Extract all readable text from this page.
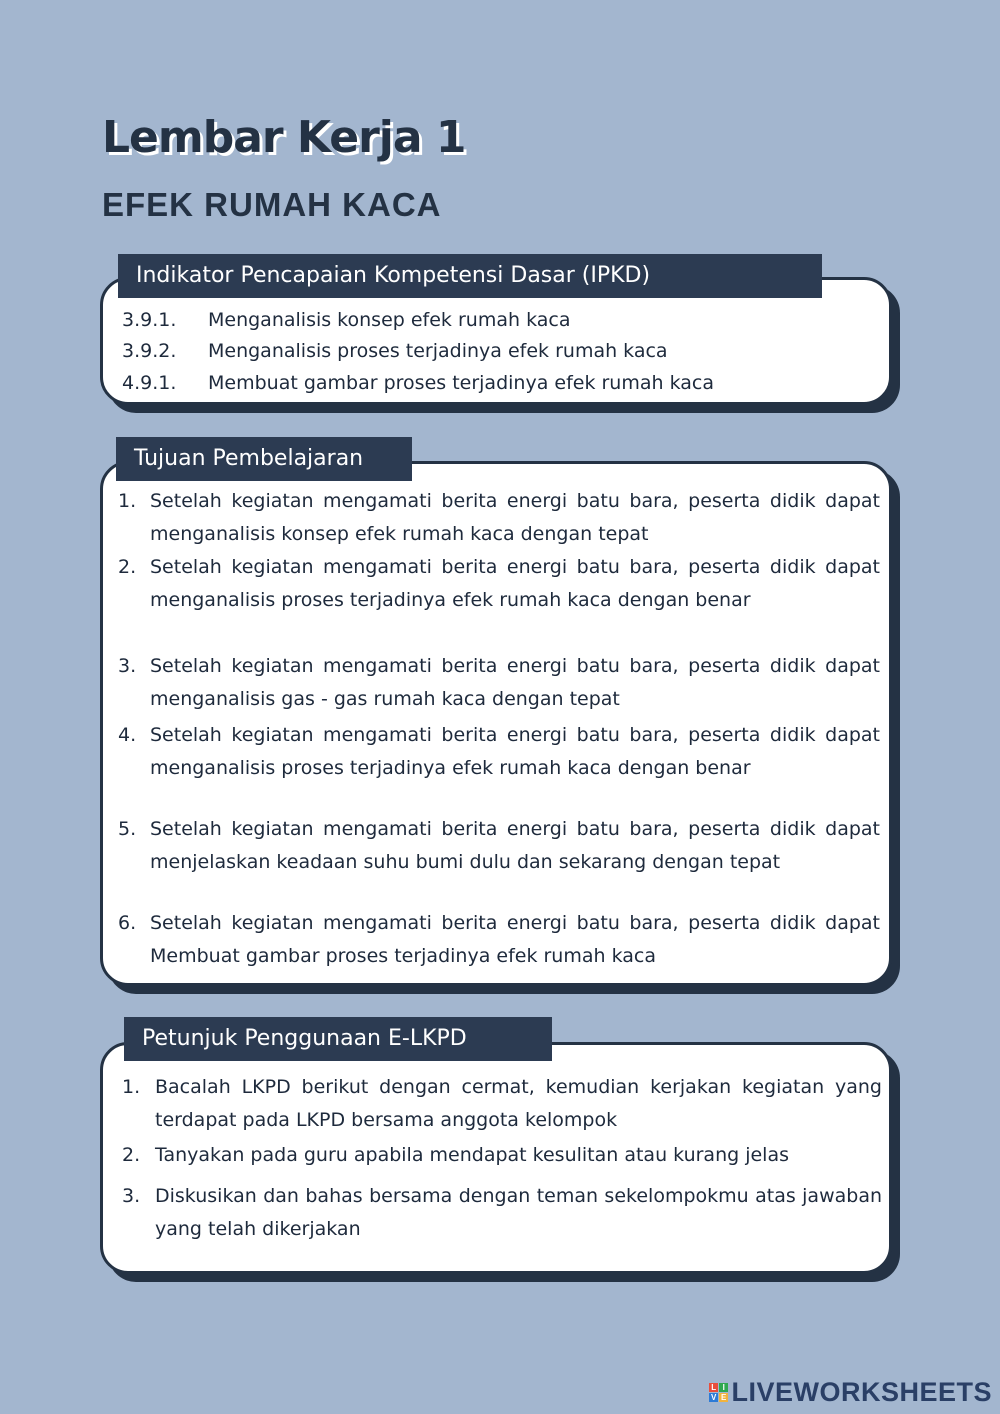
Lembar Kerja 1
EFEK RUMAH KACA
Indikator Pencapaian Kompetensi Dasar (IPKD)
3.9.1. Menganalisis konsep efek rumah kaca
3.9.2. Menganalisis proses terjadinya efek rumah kaca
4.9.1. Membuat gambar proses terjadinya efek rumah kaca
Tujuan Pembelajaran
1. Setelah kegiatan mengamati berita energi batu bara, peserta didik dapat menganalisis konsep efek rumah kaca dengan tepat
2. Setelah kegiatan mengamati berita energi batu bara, peserta didik dapat menganalisis proses terjadinya efek rumah kaca dengan benar
3. Setelah kegiatan mengamati berita energi batu bara, peserta didik dapat menganalisis gas - gas rumah kaca dengan tepat
4. Setelah kegiatan mengamati berita energi batu bara, peserta didik dapat menganalisis proses terjadinya efek rumah kaca dengan benar
5. Setelah kegiatan mengamati berita energi batu bara, peserta didik dapat menjelaskan keadaan suhu bumi dulu dan sekarang dengan tepat
6. Setelah kegiatan mengamati berita energi batu bara, peserta didik dapat Membuat gambar proses terjadinya efek rumah kaca
Petunjuk Penggunaan E-LKPD
1. Bacalah LKPD berikut dengan cermat, kemudian kerjakan kegiatan yang terdapat pada LKPD bersama anggota kelompok
2. Tanyakan pada guru apabila mendapat kesulitan atau kurang jelas
3. Diskusikan dan bahas bersama dengan teman sekelompokmu atas jawaban yang telah dikerjakan
L I
V E LIVEWORKSHEETS
